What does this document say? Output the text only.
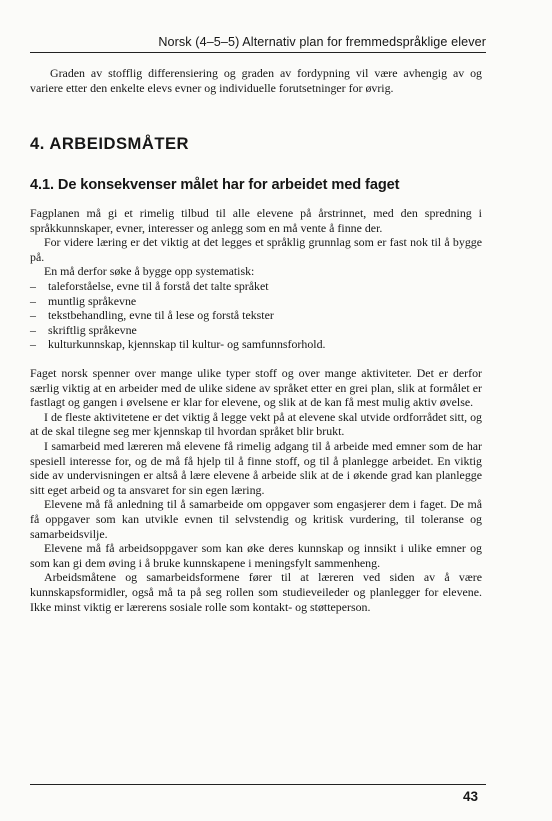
Norsk (4–5–5) Alternativ plan for fremmedspråklige elever
Graden av stofflig differensiering og graden av fordypning vil være avhengig av og variere etter den enkelte elevs evner og individuelle forutsetninger for øvrig.
4. ARBEIDSMÅTER
4.1. De konsekvenser målet har for arbeidet med faget

Fagplanen må gi et rimelig tilbud til alle elevene på årstrinnet, med den spredning i språkkunnskaper, evner, interesser og anlegg som en må vente å finne der.

For videre læring er det viktig at det legges et språklig grunnlag som er fast nok til å bygge på.

En må derfor søke å bygge opp systematisk:

– taleforståelse, evne til å forstå det talte språket
– muntlig språkevne
– tekstbehandling, evne til å lese og forstå tekster
– skriftlig språkevne
– kulturkunnskap, kjennskap til kultur- og samfunnsforhold.

Faget norsk spenner over mange ulike typer stoff og over mange aktiviteter. Det er derfor særlig viktig at en arbeider med de ulike sidene av språket etter en grei plan, slik at formålet er fastlagt og gangen i øvelsene er klar for elevene, og slik at de kan få mest mulig aktiv øvelse.

I de fleste aktivitetene er det viktig å legge vekt på at elevene skal utvide ordforrådet sitt, og at de skal tilegne seg mer kjennskap til hvordan språket blir brukt.

I samarbeid med læreren må elevene få rimelig adgang til å arbeide med emner som de har spesiell interesse for, og de må få hjelp til å finne stoff, og til å planlegge arbeidet. En viktig side av undervisningen er altså å lære elevene å arbeide slik at de i økende grad kan planlegge sitt eget arbeid og ta ansvaret for sin egen læring.

Elevene må få anledning til å samarbeide om oppgaver som engasjerer dem i faget. De må få oppgaver som kan utvikle evnen til selvstendig og kritisk vurdering, til toleranse og samarbeidsvilje.

Elevene må få arbeidsoppgaver som kan øke deres kunnskap og innsikt i ulike emner og som kan gi dem øving i å bruke kunnskapene i meningsfylt sammenheng.

Arbeidsmåtene og samarbeidsformene fører til at læreren ved siden av å være kunnskapsformidler, også må ta på seg rollen som studieveileder og planlegger for elevene. Ikke minst viktig er lærerens sosiale rolle som kontakt- og støtteperson.

43
